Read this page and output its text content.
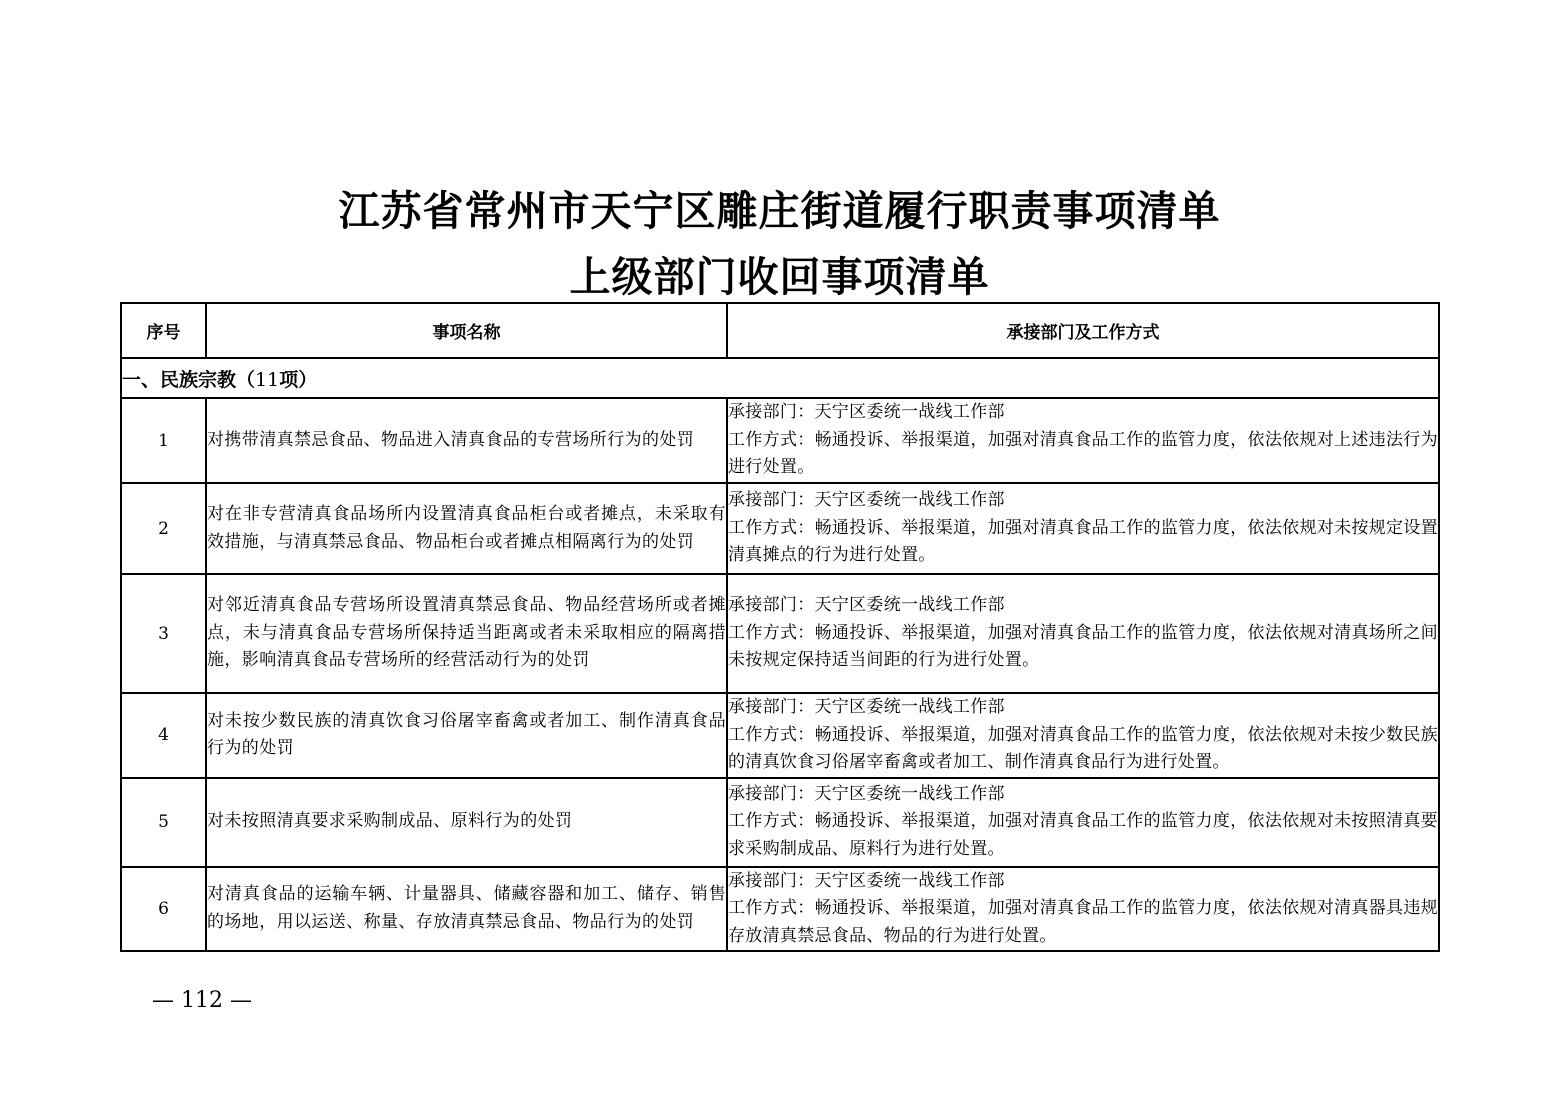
江苏省常州市天宁区雕庄街道履行职责事项清单
上级部门收回事项清单
序号	事项名称	承接部门及工作方式
一、民族宗教（11项）		
1	对携带清真禁忌食品、物品进入清真食品的专营场所行为的处罚	承接部门：天宁区委统一战线工作部
工作方式：畅通投诉、举报渠道，加强对清真食品工作的监管力度，依法依规对上述违法行为进行处置。

2	对在非专营清真食品场所内设置清真食品柜台或者摊点，未采取有效措施，与清真禁忌食品、物品柜台或者摊点相隔离行为的处罚	承接部门：天宁区委统一战线工作部
工作方式：畅通投诉、举报渠道，加强对清真食品工作的监管力度，依法依规对未按规定设置清真摊点的行为进行处置。

3	对邻近清真食品专营场所设置清真禁忌食品、物品经营场所或者摊点，未与清真食品专营场所保持适当距离或者未采取相应的隔离措施，影响清真食品专营场所的经营活动行为的处罚	承接部门：天宁区委统一战线工作部
工作方式：畅通投诉、举报渠道，加强对清真食品工作的监管力度，依法依规对清真场所之间未按规定保持适当间距的行为进行处置。

4	对未按少数民族的清真饮食习俗屠宰畜禽或者加工、制作清真食品行为的处罚	承接部门：天宁区委统一战线工作部
工作方式：畅通投诉、举报渠道，加强对清真食品工作的监管力度，依法依规对未按少数民族的清真饮食习俗屠宰畜禽或者加工、制作清真食品行为进行处置。

5	对未按照清真要求采购制成品、原料行为的处罚	承接部门：天宁区委统一战线工作部
工作方式：畅通投诉、举报渠道，加强对清真食品工作的监管力度，依法依规对未按照清真要求采购制成品、原料行为进行处置。

6	对清真食品的运输车辆、计量器具、储藏容器和加工、储存、销售的场地，用以运送、称量、存放清真禁忌食品、物品行为的处罚	承接部门：天宁区委统一战线工作部
工作方式：畅通投诉、举报渠道，加强对清真食品工作的监管力度，依法依规对清真器具违规存放清真禁忌食品、物品的行为进行处置。

— 112 —
